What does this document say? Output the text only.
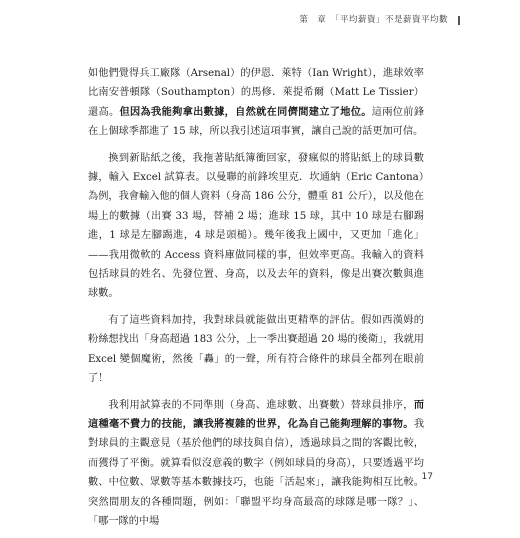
第　章　「平均薪資」不是薪資平均數

如他們覺得兵工廠隊（Arsenal）的伊恩．萊特（Ian Wright），進球效率比南安普頓隊（Southampton）的馬修．萊提希爾（Matt Le Tissier）還高。但因為我能夠拿出數據，自然就在同儕間建立了地位。這兩位前鋒在上個球季都進了 15 球，所以我引述這項事實，讓自己說的話更加可信。

換到新貼紙之後，我拖著貼紙簿衝回家，發瘋似的將貼紙上的球員數據，輸入 Excel 試算表。以曼聯的前鋒埃里克．坎通納（Eric Cantona）為例，我會輸入他的個人資料（身高 186 公分，體重 81 公斤），以及他在場上的數據（出賽 33 場，替補 2 場；進球 15 球，其中 10 球是右腳踢進，1 球是左腳踢進，4 球是頭槌）。幾年後我上國中，又更加「進化」——我用微軟的 Access 資料庫做同樣的事，但效率更高。我輸入的資料包括球員的姓名、先發位置、身高，以及去年的資料，像是出賽次數與進球數。

有了這些資料加持，我對球員就能做出更精準的評估。假如西漢姆的粉絲想找出「身高超過 183 公分，上一季出賽超過 20 場的後衛」，我就用 Excel 變個魔術，然後「轟」的一聲，所有符合條件的球員全都列在眼前了！

我利用試算表的不同準則（身高、進球數、出賽數）替球員排序，而這種毫不費力的技能，讓我將複雜的世界，化為自己能夠理解的事物。我對球員的主觀意見（基於他們的球技與自信），透過球員之間的客觀比較，而獲得了平衡。就算看似沒意義的數字（例如球員的身高），只要透過平均數、中位數、眾數等基本數據技巧，也能「活起來」，讓我能夠相互比較。突然間朋友的各種問題，例如：「聯盟平均身高最高的球隊是哪一隊？」、「哪一隊的中場

17
